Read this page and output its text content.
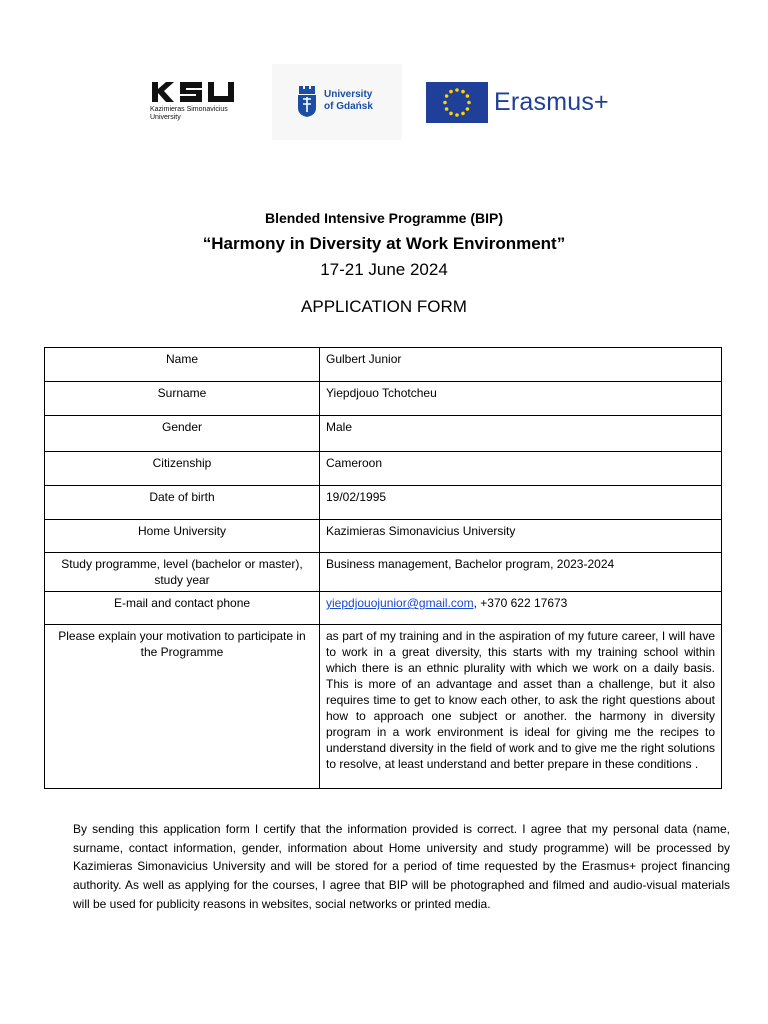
Kazimieras Simonavicius
University
University
of Gdańsk	Erasmus+
Blended Intensive Programme (BIP)
“Harmony in Diversity at Work Environment”
17-21 June 2024
APPLICATION FORM
Name	Gulbert Junior
Surname	Yiepdjouo Tchotcheu
Gender	Male
Citizenship	Cameroon
Date of birth	19/02/1995
Home University	Kazimieras Simonavicius University
Study programme, level (bachelor or master), study year	Business management, Bachelor program, 2023-2024
E-mail and contact phone	yiepdjouojunior@gmail.com, +370 622 17673
Please explain your motivation to participate in the Programme	as part of my training and in the aspiration of my future career, I will have to work in a great diversity, this starts with my training school within which there is an ethnic plurality with which we work on a daily basis. This is more of an advantage and asset than a challenge, but it also requires time to get to know each other, to ask the right questions about how to approach one subject or another. the harmony in diversity program in a work environment is ideal for giving me the recipes to understand diversity in the field of work and to give me the right solutions to resolve, at least understand and better prepare in these conditions .
By sending this application form I certify that the information provided is correct. I agree that my personal data (name, surname, contact information, gender, information about Home university and study programme) will be processed by Kazimieras Simonavicius University and will be stored for a period of time requested by the Erasmus+ project financing authority. As well as applying for the courses, I agree that BIP will be photographed and filmed and audio-visual materials will be used for publicity reasons in websites, social networks or printed media.
